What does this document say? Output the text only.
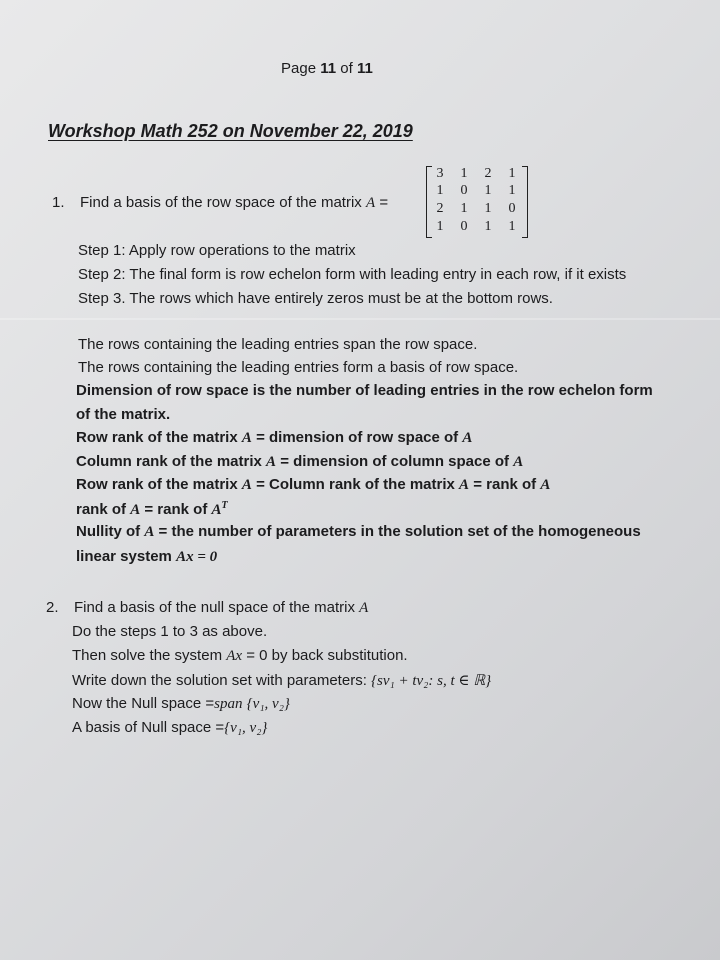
Page 11 of 11
Workshop Math 252 on November 22, 2019
1. Find a basis of the row space of the matrix A =
3	1	2	1
1	0	1	1
2	1	1	0
1	0	1	1
Step 1: Apply row operations to the matrix
Step 2: The final form is row echelon form with leading entry in each row, if it exists
Step 3. The rows which have entirely zeros must be at the bottom rows.
The rows containing the leading entries span the row space.
The rows containing the leading entries form a basis of row space.
Dimension of row space is the number of leading entries in the row echelon form
of the matrix.
Row rank of the matrix A = dimension of row space of A
Column rank of the matrix A = dimension of column space of A
Row rank of the matrix A = Column rank of the matrix A = rank of A
rank of A = rank of $A^T$
Nullity of A = the number of parameters in the solution set of the homogeneous
linear system Ax = 0
2. Find a basis of the null space of the matrix A
Do the steps 1 to 3 as above.
Then solve the system Ax = 0 by back substitution.
Write down the solution set with parameters: {sv₁ + tv₂: s, t ∈ ℝ}
Now the Null space =span {v₁, v₂}
A basis of Null space ={v₁, v₂}
